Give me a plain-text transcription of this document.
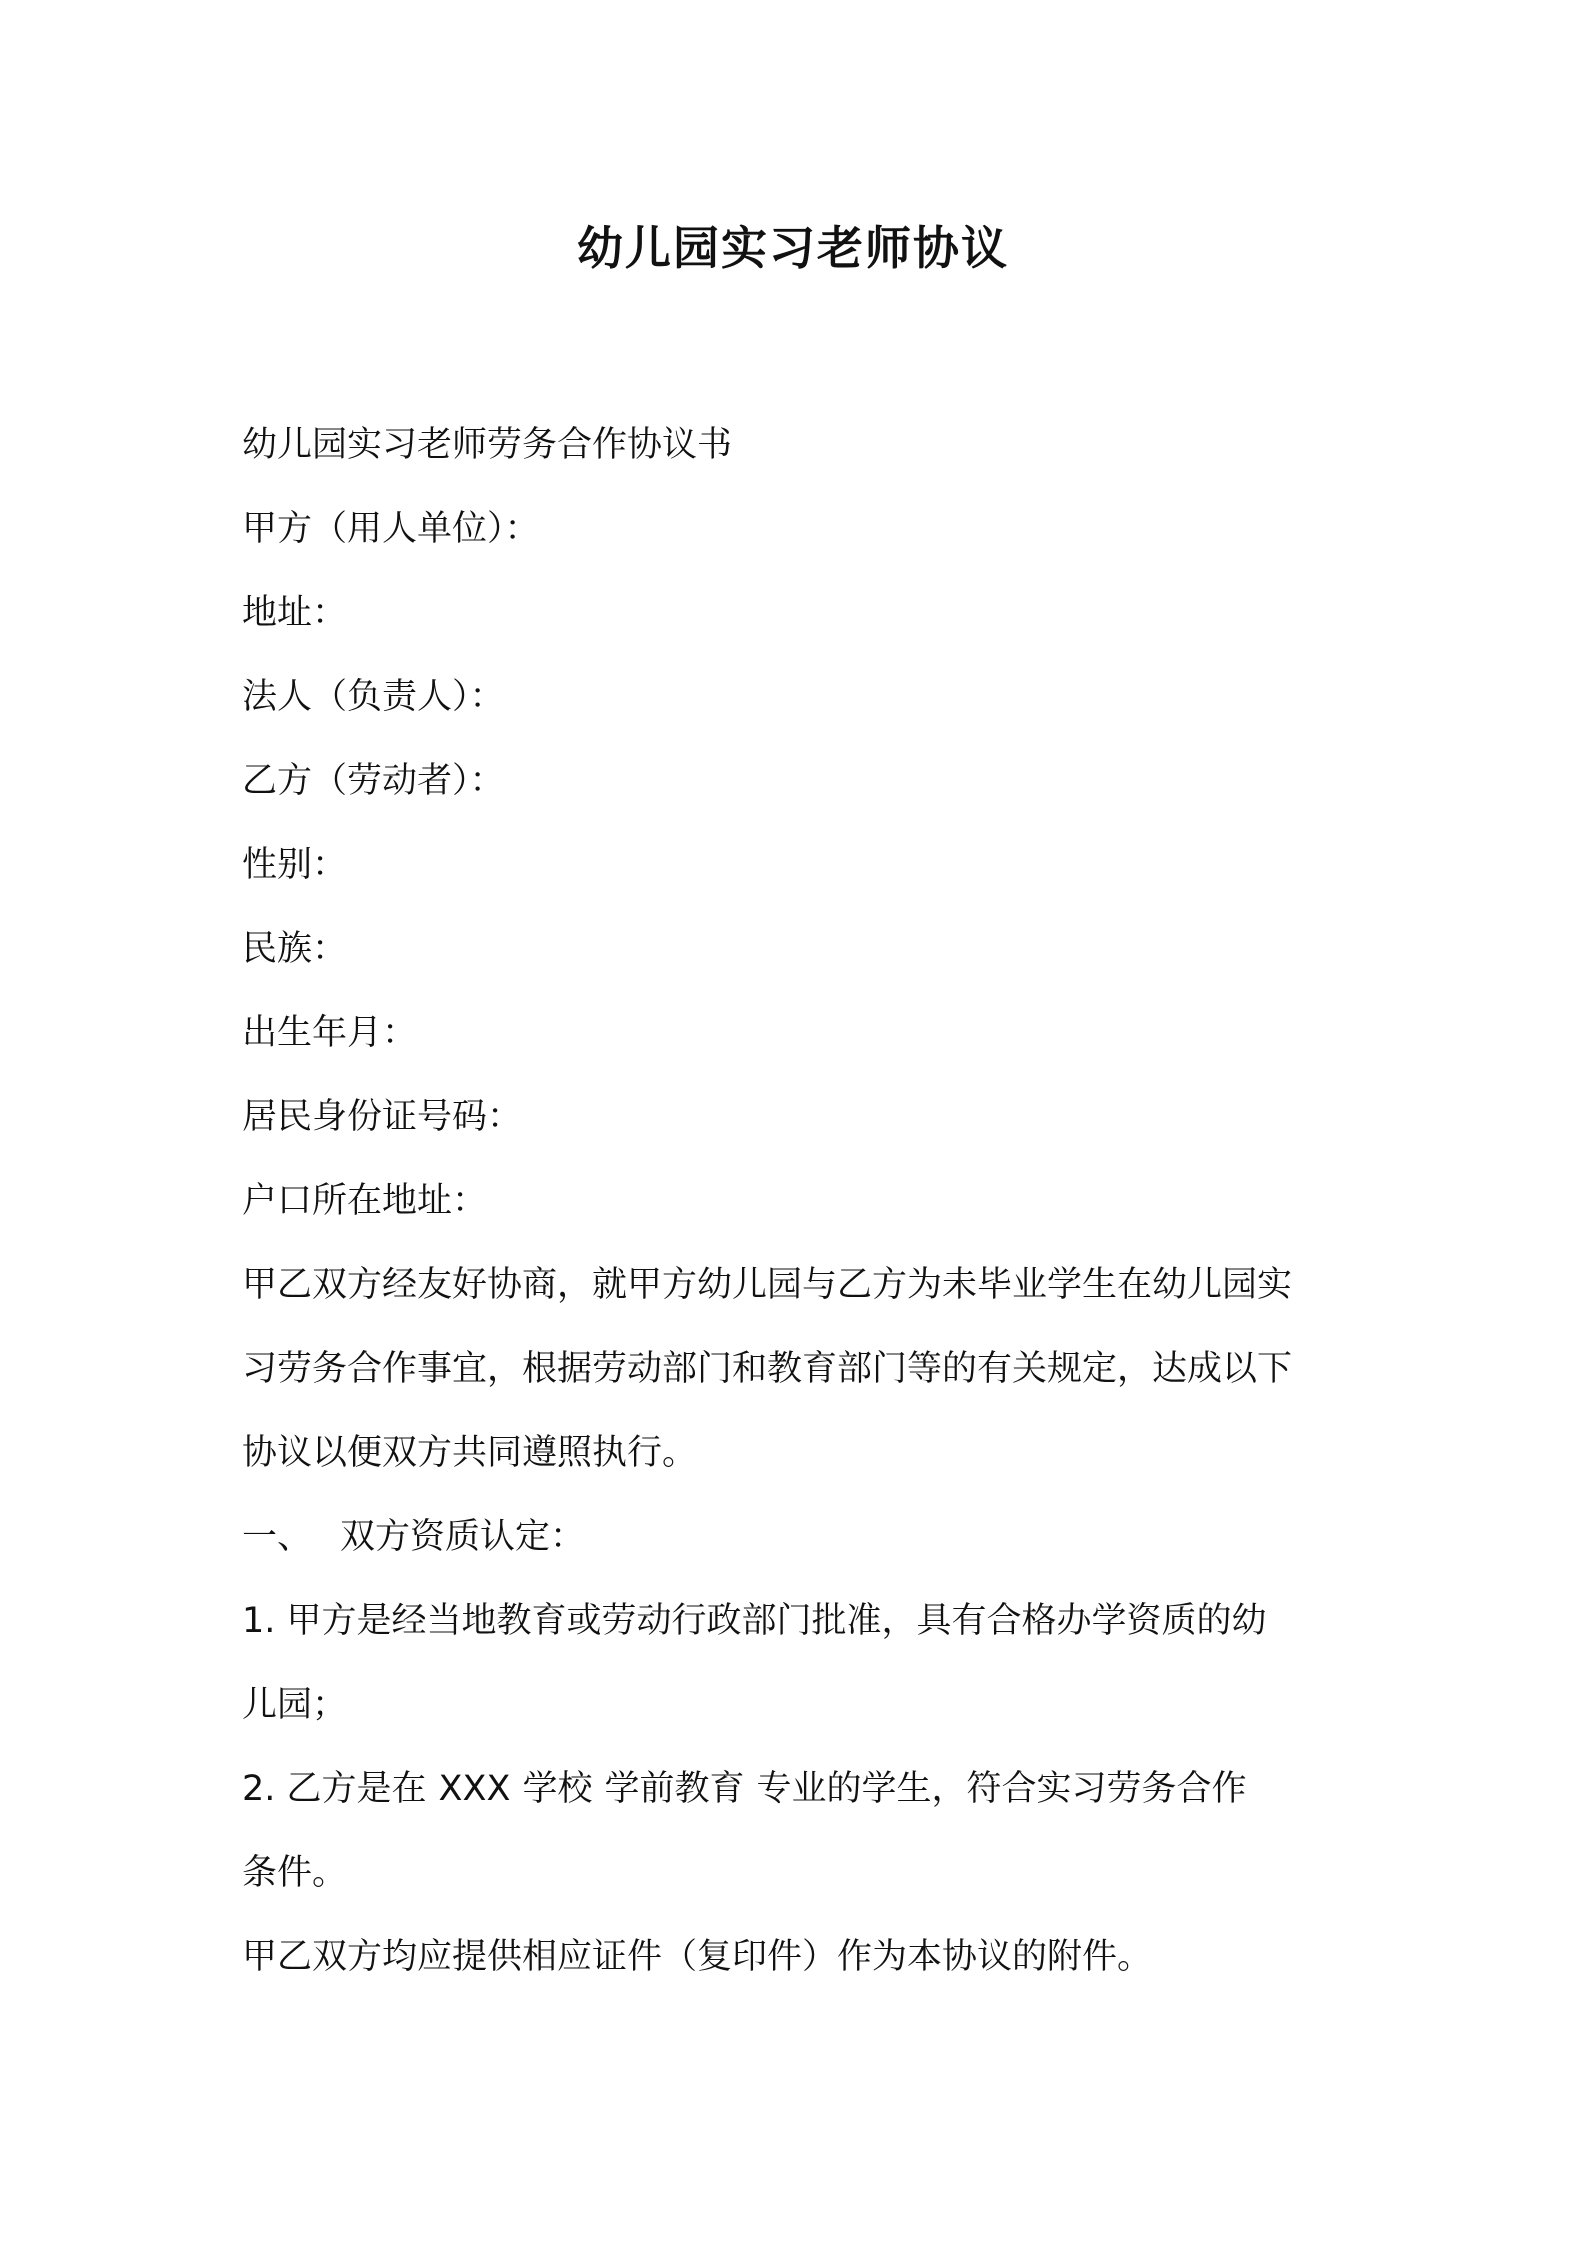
幼儿园实习老师协议
幼儿园实习老师劳务合作协议书
甲方（用人单位）：
地址：
法人（负责人）：
乙方（劳动者）：
性别：
民族：
出生年月：
居民身份证号码：
户口所在地址：
甲乙双方经友好协商，就甲方幼儿园与乙方为未毕业学生在幼儿园实
习劳务合作事宜，根据劳动部门和教育部门等的有关规定，达成以下
协议以便双方共同遵照执行。
一、 双方资质认定：
1. 甲方是经当地教育或劳动行政部门批准，具有合格办学资质的幼
儿园；
2. 乙方是在 XXX 学校 学前教育 专业的学生，符合实习劳务合作
条件。
甲乙双方均应提供相应证件（复印件）作为本协议的附件。
